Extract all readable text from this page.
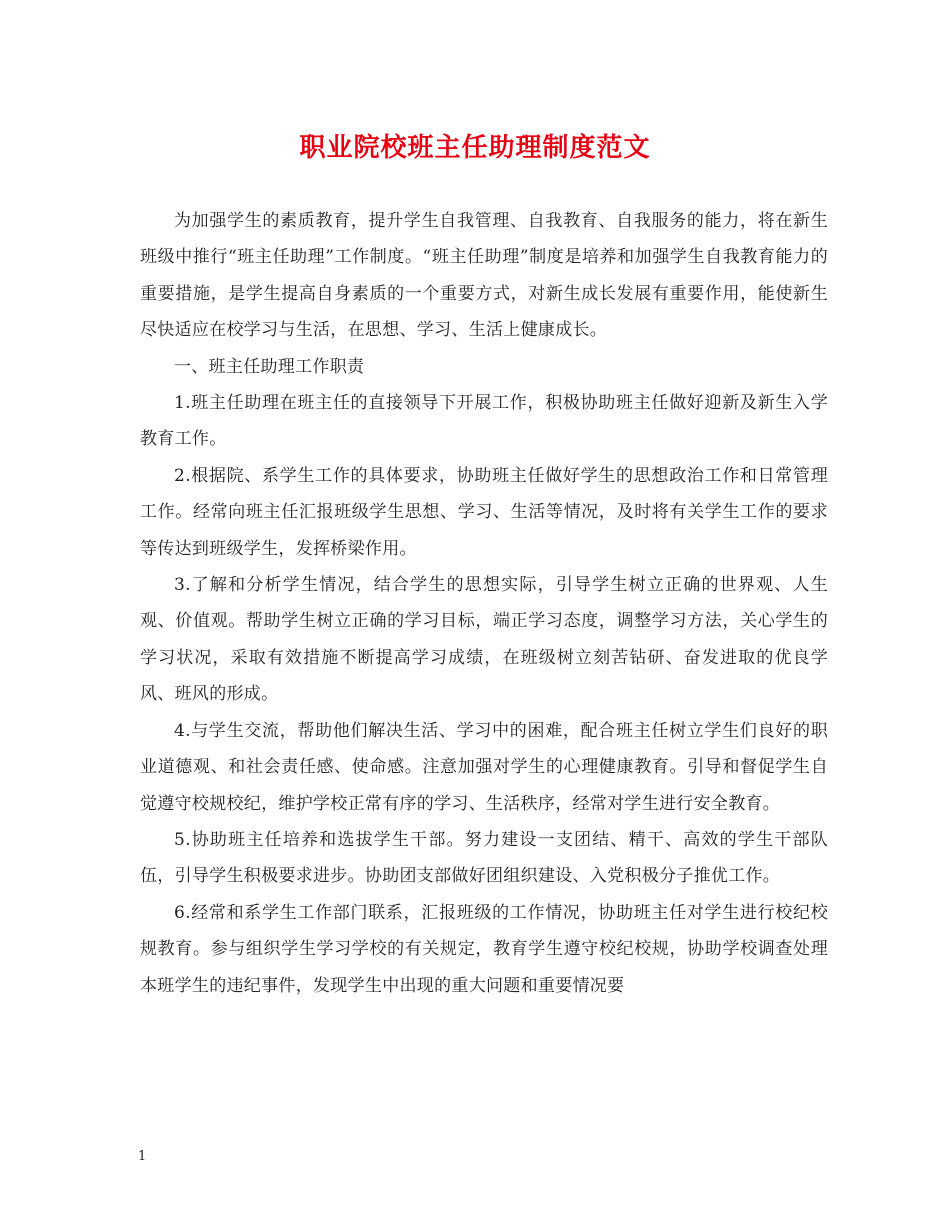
职业院校班主任助理制度范文

为加强学生的素质教育，提升学生自我管理、自我教育、自我服务的能力，将在新生班级中推行“班主任助理”工作制度。“班主任助理”制度是培养和加强学生自我教育能力的重要措施，是学生提高自身素质的一个重要方式，对新生成长发展有重要作用，能使新生尽快适应在校学习与生活，在思想、学习、生活上健康成长。

一、班主任助理工作职责

1.班主任助理在班主任的直接领导下开展工作，积极协助班主任做好迎新及新生入学教育工作。

2.根据院、系学生工作的具体要求，协助班主任做好学生的思想政治工作和日常管理工作。经常向班主任汇报班级学生思想、学习、生活等情况，及时将有关学生工作的要求等传达到班级学生，发挥桥梁作用。

3.了解和分析学生情况，结合学生的思想实际，引导学生树立正确的世界观、人生观、价值观。帮助学生树立正确的学习目标，端正学习态度，调整学习方法，关心学生的学习状况，采取有效措施不断提高学习成绩，在班级树立刻苦钻研、奋发进取的优良学风、班风的形成。

4.与学生交流，帮助他们解决生活、学习中的困难，配合班主任树立学生们良好的职业道德观、和社会责任感、使命感。注意加强对学生的心理健康教育。引导和督促学生自觉遵守校规校纪，维护学校正常有序的学习、生活秩序，经常对学生进行安全教育。

5.协助班主任培养和选拔学生干部。努力建设一支团结、精干、高效的学生干部队伍，引导学生积极要求进步。协助团支部做好团组织建设、入党积极分子推优工作。

6.经常和系学生工作部门联系，汇报班级的工作情况，协助班主任对学生进行校纪校规教育。参与组织学生学习学校的有关规定，教育学生遵守校纪校规，协助学校调查处理本班学生的违纪事件，发现学生中出现的重大问题和重要情况要

1
